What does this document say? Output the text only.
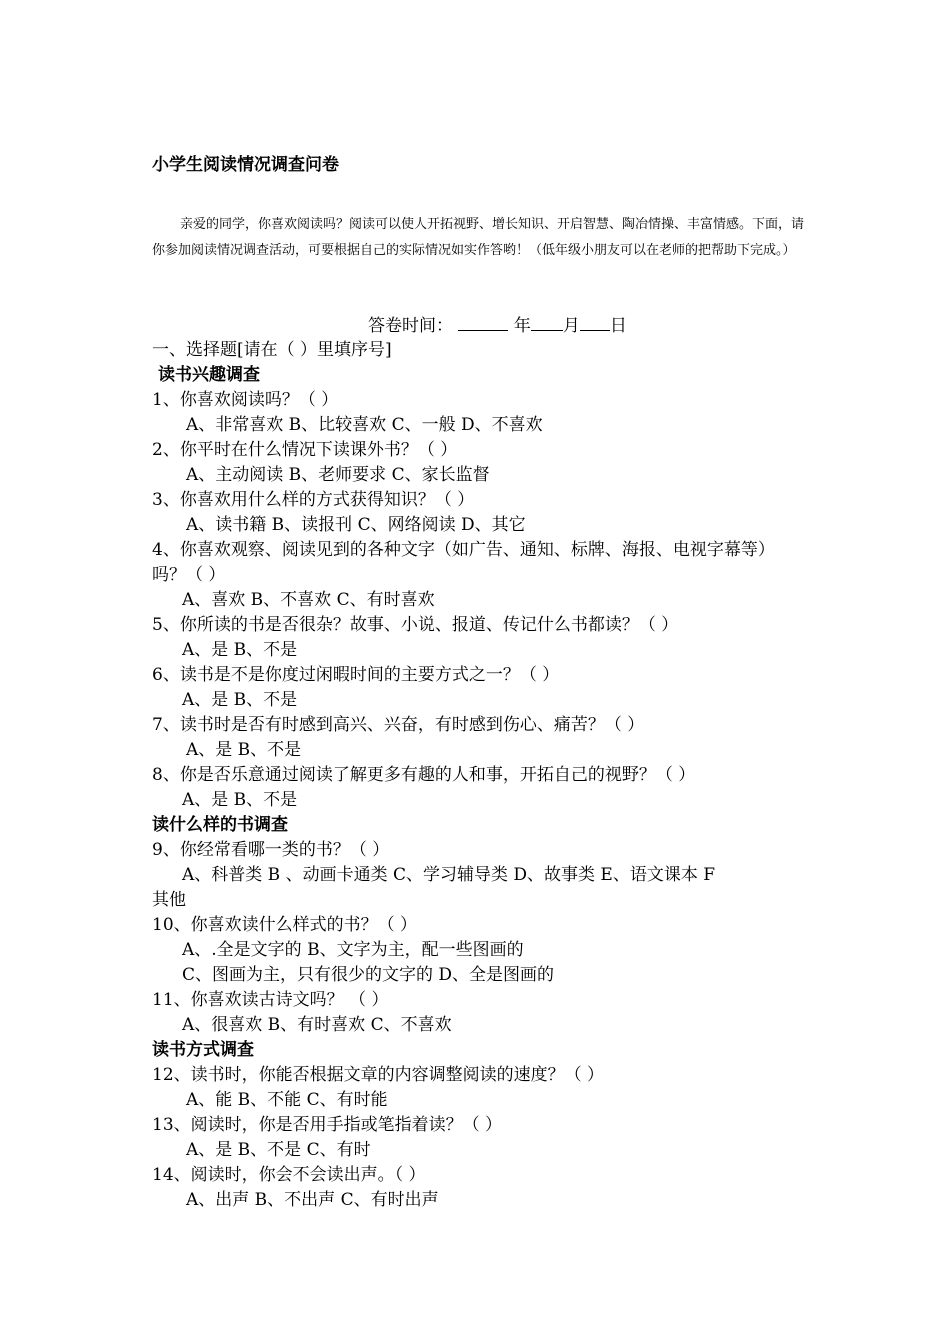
小学生阅读情况调查问卷
亲爱的同学，你喜欢阅读吗？阅读可以使人开拓视野、增长知识、开启智慧、陶冶情操、丰富情感。下面，请你参加阅读情况调查活动，可要根据自己的实际情况如实作答哟！（低年级小朋友可以在老师的把帮助下完成。）
答卷时间：	年 月 日
一、选择题[请在（ ）里填序号]
读书兴趣调查
1、你喜欢阅读吗？（ ）
A、非常喜欢 B、比较喜欢 C、一般 D、不喜欢
2、你平时在什么情况下读课外书？（ ）
A、主动阅读 B、老师要求 C、家长监督
3、你喜欢用什么样的方式获得知识？（ ）
A、读书籍 B、读报刊 C、网络阅读 D、其它
4、你喜欢观察、阅读见到的各种文字（如广告、通知、标牌、海报、电视字幕等）
吗？（ ）
A、喜欢 B、不喜欢 C、有时喜欢
5、你所读的书是否很杂？故事、小说、报道、传记什么书都读？（ ）
A、是 B、不是
6、读书是不是你度过闲暇时间的主要方式之一？（ ）
A、是 B、不是
7、读书时是否有时感到高兴、兴奋，有时感到伤心、痛苦？（ ）
A、是 B、不是
8、你是否乐意通过阅读了解更多有趣的人和事，开拓自己的视野？（ ）
A、是 B、不是
读什么样的书调查
9、你经常看哪一类的书？（ ）
A、科普类 B 、动画卡通类 C、学习辅导类 D、故事类 E、语文课本 F
其他
10、你喜欢读什么样式的书？（ ）
A、.全是文字的 B、文字为主，配一些图画的
C、图画为主，只有很少的文字的 D、全是图画的
11、你喜欢读古诗文吗？ （ ）
A、很喜欢 B、有时喜欢 C、不喜欢
读书方式调查
12、读书时，你能否根据文章的内容调整阅读的速度？（ ）
A、能 B、不能 C、有时能
13、阅读时，你是否用手指或笔指着读？（ ）
A、是 B、不是 C、有时
14、阅读时，你会不会读出声。（ ）
A、出声 B、不出声 C、有时出声
